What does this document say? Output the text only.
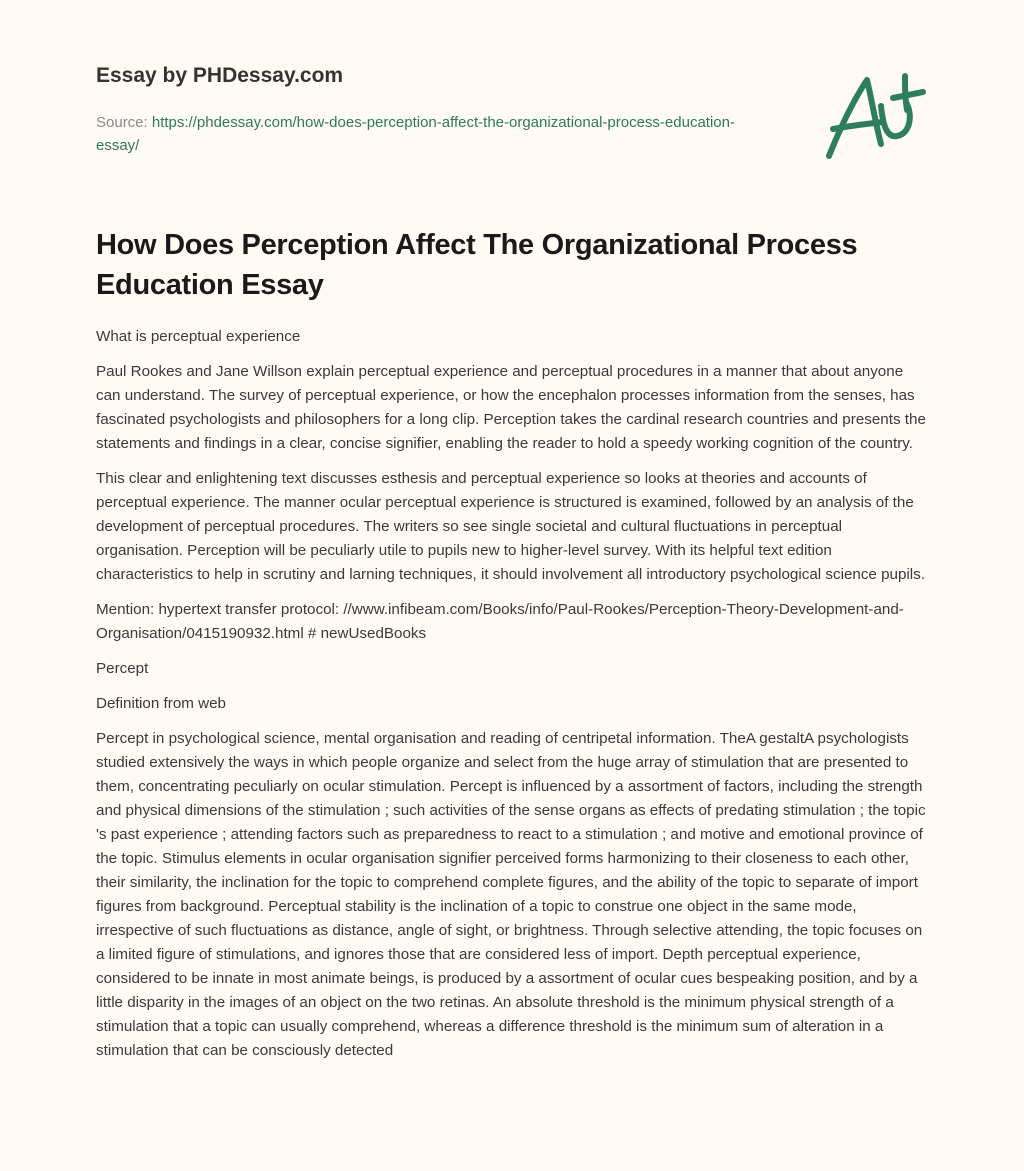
Essay by PHDessay.com
Source: https://phdessay.com/how-does-perception-affect-the-organizational-process-education-essay/
How Does Perception Affect The Organizational Process Education Essay

What is perceptual experience

Paul Rookes and Jane Willson explain perceptual experience and perceptual procedures in a manner that about anyone can understand. The survey of perceptual experience, or how the encephalon processes information from the senses, has fascinated psychologists and philosophers for a long clip. Perception takes the cardinal research countries and presents the statements and findings in a clear, concise signifier, enabling the reader to hold a speedy working cognition of the country.

This clear and enlightening text discusses esthesis and perceptual experience so looks at theories and accounts of perceptual experience. The manner ocular perceptual experience is structured is examined, followed by an analysis of the development of perceptual procedures. The writers so see single societal and cultural fluctuations in perceptual organisation. Perception will be peculiarly utile to pupils new to higher-level survey. With its helpful text edition characteristics to help in scrutiny and larning techniques, it should involvement all introductory psychological science pupils.

Mention: hypertext transfer protocol: //www.infibeam.com/Books/info/Paul-Rookes/Perception-Theory-Development-and-Organisation/0415190932.html # newUsedBooks

Percept

Definition from web

Percept in psychological science, mental organisation and reading of centripetal information. TheA gestaltA psychologists studied extensively the ways in which people organize and select from the huge array of stimulation that are presented to them, concentrating peculiarly on ocular stimulation. Percept is influenced by a assortment of factors, including the strength and physical dimensions of the stimulation ; such activities of the sense organs as effects of predating stimulation ; the topic 's past experience ; attending factors such as preparedness to react to a stimulation ; and motive and emotional province of the topic. Stimulus elements in ocular organisation signifier perceived forms harmonizing to their closeness to each other, their similarity, the inclination for the topic to comprehend complete figures, and the ability of the topic to separate of import figures from background. Perceptual stability is the inclination of a topic to construe one object in the same mode, irrespective of such fluctuations as distance, angle of sight, or brightness. Through selective attending, the topic focuses on a limited figure of stimulations, and ignores those that are considered less of import. Depth perceptual experience, considered to be innate in most animate beings, is produced by a assortment of ocular cues bespeaking position, and by a little disparity in the images of an object on the two retinas. An absolute threshold is the minimum physical strength of a stimulation that a topic can usually comprehend, whereas a difference threshold is the minimum sum of alteration in a stimulation that can be consciously detected
